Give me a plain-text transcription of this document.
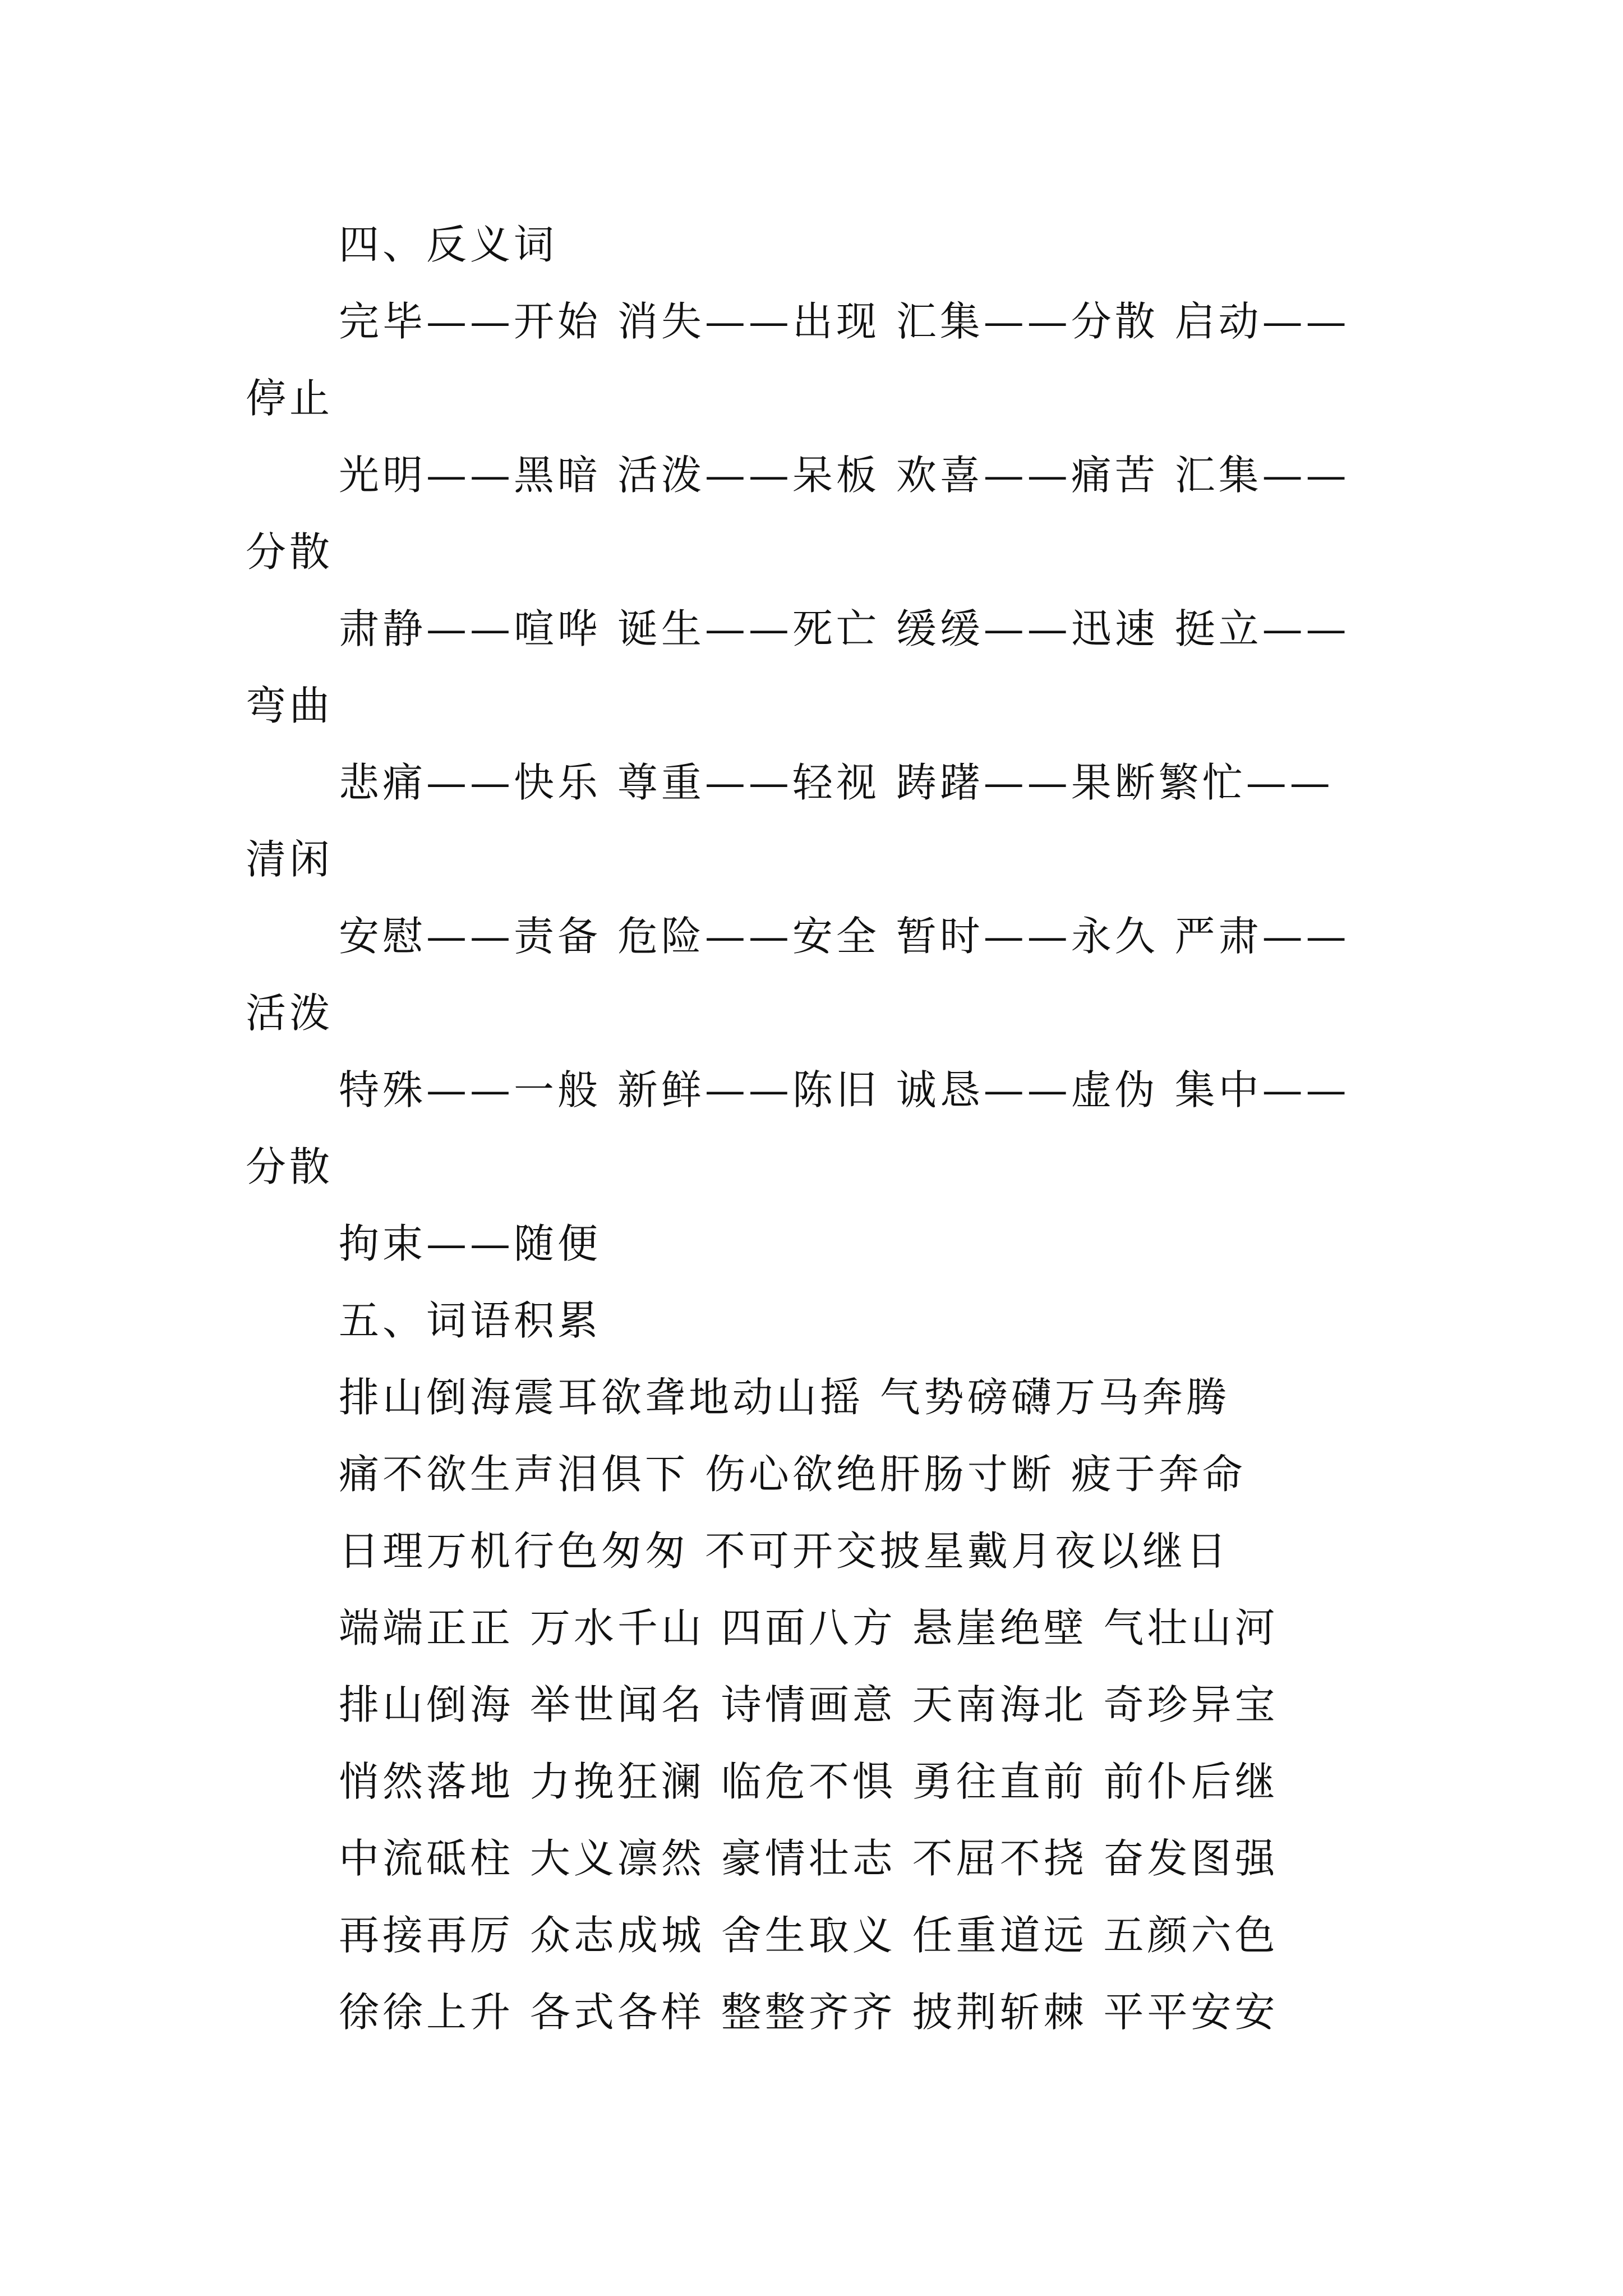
四、反义词
完毕——开始 消失——出现 汇集——分散 启动——
停止
光明——黑暗 活泼——呆板 欢喜——痛苦 汇集——
分散
肃静——喧哗 诞生——死亡 缓缓——迅速 挺立——
弯曲
悲痛——快乐 尊重——轻视 踌躇——果断繁忙——
清闲
安慰——责备 危险——安全 暂时——永久 严肃——
活泼
特殊——一般 新鲜——陈旧 诚恳——虚伪 集中——
分散
拘束——随便
五、词语积累
排山倒海震耳欲聋地动山摇 气势磅礴万马奔腾
痛不欲生声泪俱下 伤心欲绝肝肠寸断 疲于奔命
日理万机行色匆匆 不可开交披星戴月夜以继日
端端正正 万水千山 四面八方 悬崖绝壁 气壮山河
排山倒海 举世闻名 诗情画意 天南海北 奇珍异宝
悄然落地 力挽狂澜 临危不惧 勇往直前 前仆后继
中流砥柱 大义凛然 豪情壮志 不屈不挠 奋发图强
再接再厉 众志成城 舍生取义 任重道远 五颜六色
徐徐上升 各式各样 整整齐齐 披荆斩棘 平平安安
